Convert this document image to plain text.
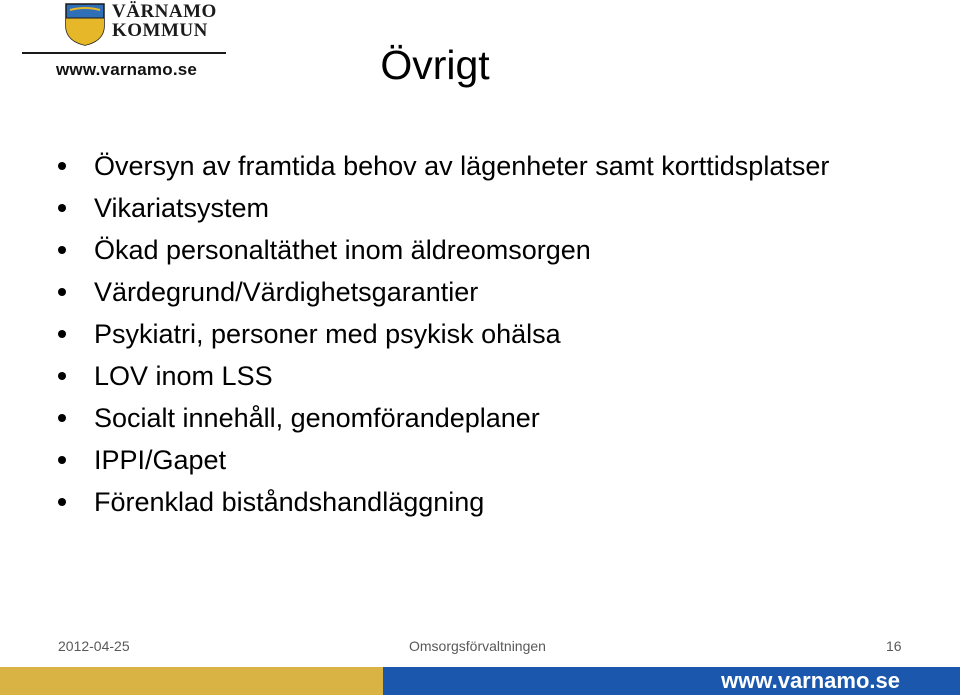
VÄRNAMO
KOMMUN
www.varnamo.se	Övrigt
Översyn av framtida behov av lägenheter samt korttidsplatser
Vikariatsystem
Ökad personaltäthet inom äldreomsorgen
Värdegrund/Värdighetsgarantier
Psykiatri, personer med psykisk ohälsa
LOV inom LSS
Socialt innehåll, genomförandeplaner
IPPI/Gapet
Förenklad biståndshandläggning
2012-04-25	Omsorgsförvaltningen	16
www.varnamo.se
